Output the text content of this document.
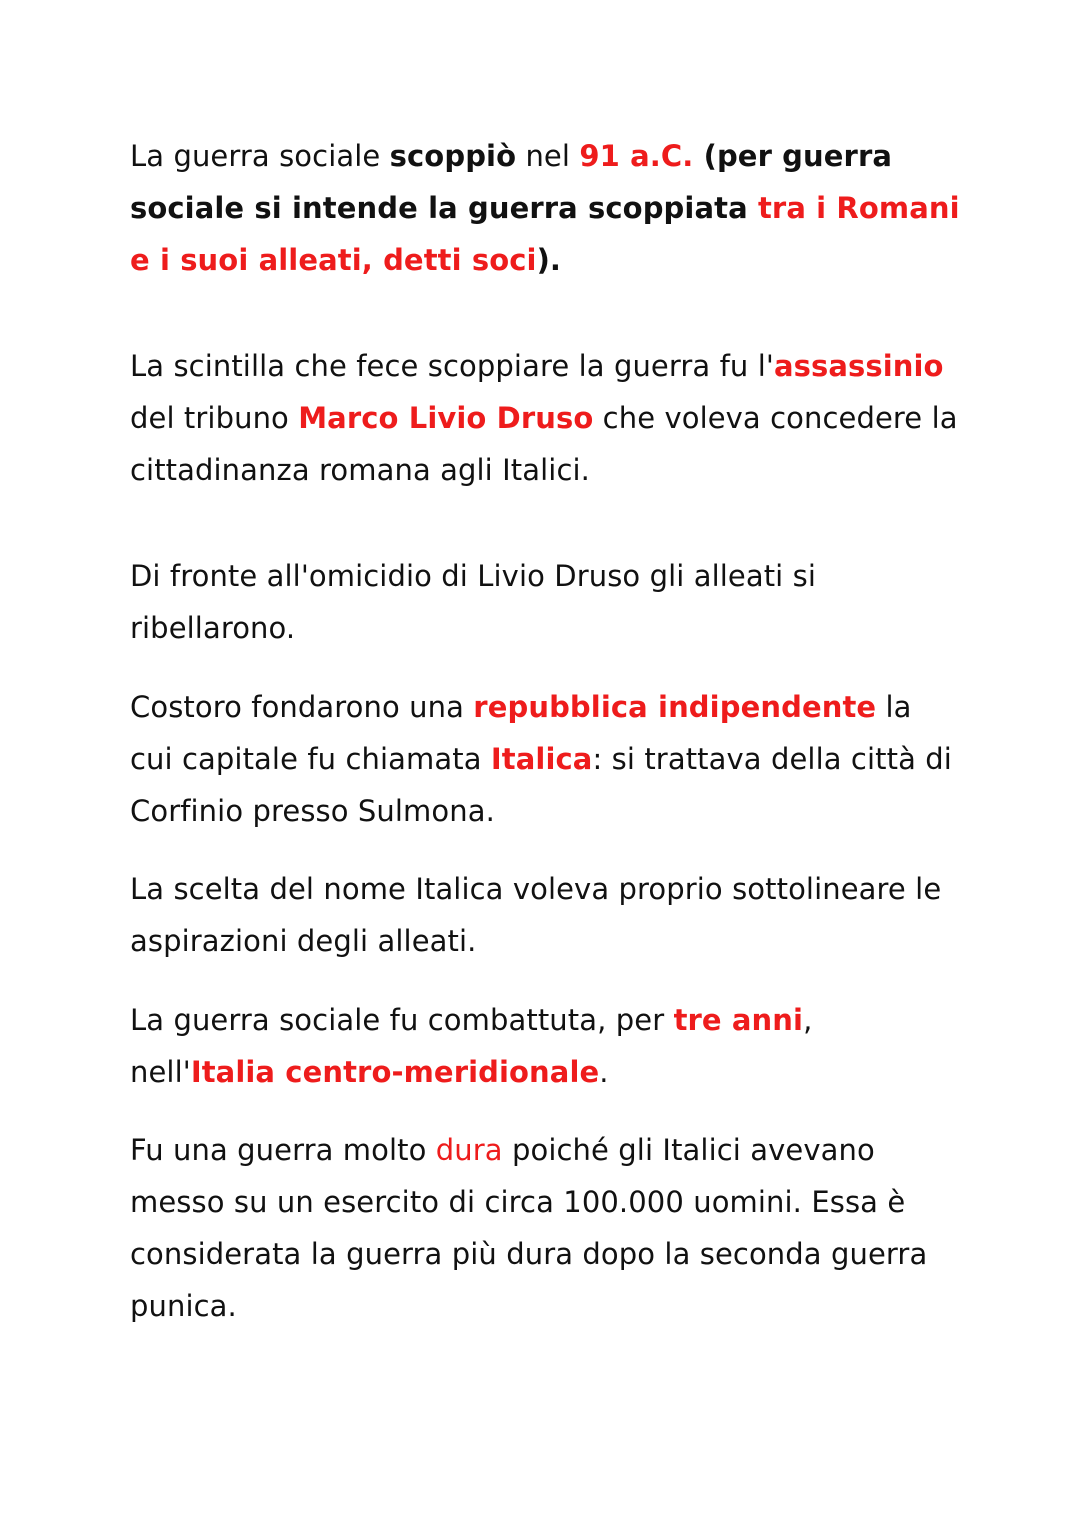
La guerra sociale scoppiò nel 91 a.C. (per guerra sociale si intende la guerra scoppiata tra i Romani e i suoi alleati, detti soci).

La scintilla che fece scoppiare la guerra fu l'assassinio del tribuno Marco Livio Druso che voleva concedere la cittadinanza romana agli Italici.

Di fronte all'omicidio di Livio Druso gli alleati si ribellarono.

Costoro fondarono una repubblica indipendente la cui capitale fu chiamata Italica: si trattava della città di Corfinio presso Sulmona.

La scelta del nome Italica voleva proprio sottolineare le aspirazioni degli alleati.

La guerra sociale fu combattuta, per tre anni, nell'Italia centro-meridionale.

Fu una guerra molto dura poiché gli Italici avevano messo su un esercito di circa 100.000 uomini. Essa è considerata la guerra più dura dopo la seconda guerra punica.
